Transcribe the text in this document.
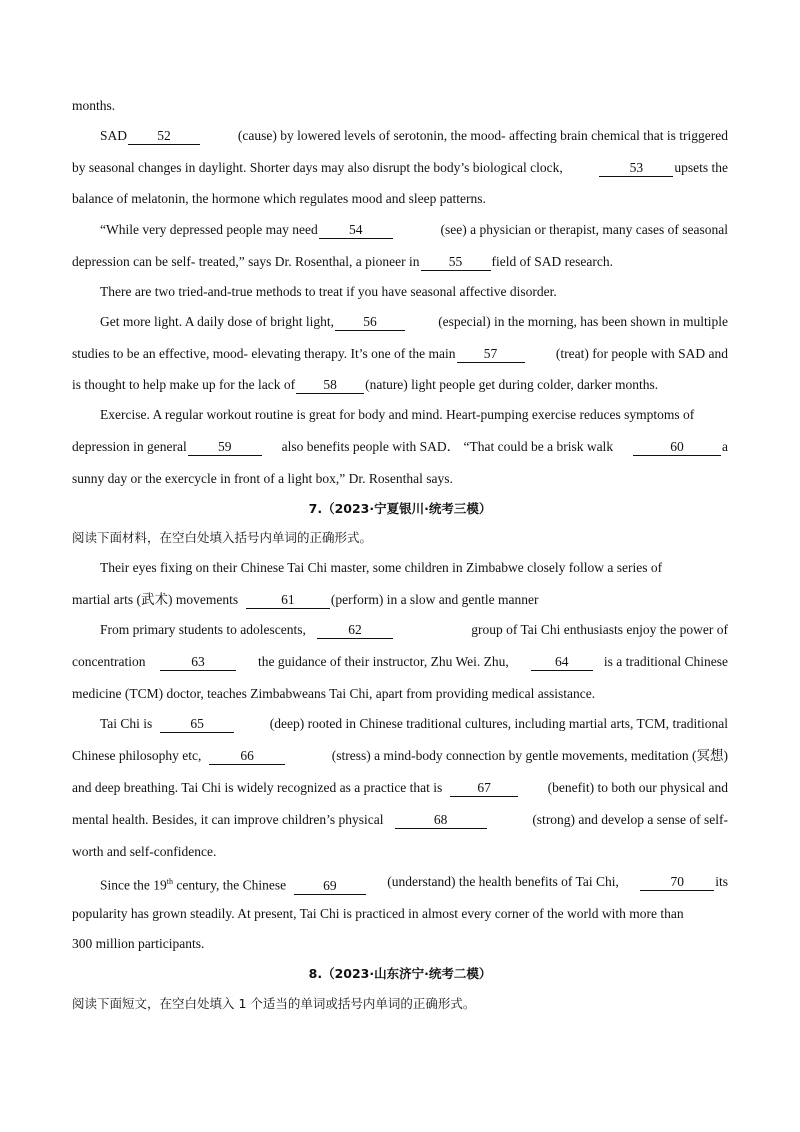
months.
SAD 52	(cause) by lowered levels of serotonin, the mood- affecting brain chemical that is triggered
by seasonal changes in daylight. Shorter days may also disrupt the body’s biological clock,	53 upsets the
balance of melatonin, the hormone which regulates mood and sleep patterns.
“While very depressed people may need 54	(see) a physician or therapist, many cases of seasonal
depression can be self- treated,” says Dr. Rosenthal, a pioneer in 55 field of SAD research.
There are two tried-and-true methods to treat if you have seasonal affective disorder.
Get more light. A daily dose of bright light, 56	(especial) in the morning, has been shown in multiple
studies to be an effective, mood- elevating therapy. It’s one of the main 57	(treat) for people with SAD and
is thought to help make up for the lack of 58 (nature) light people get during colder, darker months.
Exercise. A regular workout routine is great for body and mind. Heart-pumping exercise reduces symptoms of
depression in general 59	also benefits people with SAD． “That could be a brisk walk	60	a
sunny day or the exercycle in front of a light box,” Dr. Rosenthal says.
7.（2023·宁夏银川·统考三模）
阅读下面材料，在空白处填入括号内单词的正确形式。
Their eyes fixing on their Chinese Tai Chi master, some children in Zimbabwe closely follow a series of
martial arts (武术) movements	61	(perform) in a slow and gentle manner
From primary students to adolescents,	62	group of Tai Chi enthusiasts enjoy the power of
concentration	63	the guidance of their instructor, Zhu Wei. Zhu,	64	is a traditional Chinese
medicine (TCM) doctor, teaches Zimbabweans Tai Chi, apart from providing medical assistance.
Tai Chi is	65	(deep) rooted in Chinese traditional cultures, including martial arts, TCM, traditional
Chinese philosophy etc,	66	(stress) a mind-body connection by gentle movements, meditation (冥想)
and deep breathing. Tai Chi is widely recognized as a practice that is	67	(benefit) to both our physical and
mental health. Besides, it can improve children’s physical	68	(strong) and develop a sense of self-
worth and self-confidence.
Since the 19th century, the Chinese	69	(understand) the health benefits of Tai Chi,	70 its
popularity has grown steadily. At present, Tai Chi is practiced in almost every corner of the world with more than
300 million participants.
8.（2023·山东济宁·统考二模）
阅读下面短文，在空白处填入 1 个适当的单词或括号内单词的正确形式。
